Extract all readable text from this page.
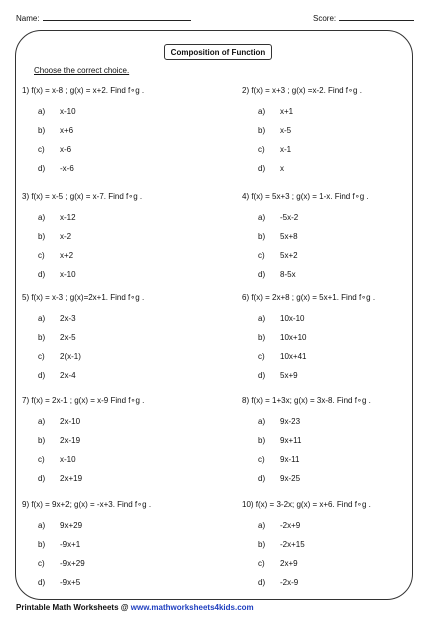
Name:	Score:
Composition of Function
Choose the correct choice.
1) f(x) = x-8 ; g(x) = x+2. Find f∘g .
a) x-10
b) x+6
c) x-6
d) -x-6
2) f(x) = x+3 ; g(x) =x-2. Find f∘g .
a) x+1
b) x-5
c) x-1
d) x
3) f(x) = x-5 ; g(x) = x-7. Find f∘g .
a) x-12
b) x-2
c) x+2
d) x-10
4) f(x) = 5x+3 ; g(x) = 1-x. Find f∘g .
a) -5x-2
b) 5x+8
c) 5x+2
d) 8-5x
5) f(x) = x-3 ; g(x)=2x+1. Find f∘g .
a) 2x-3
b) 2x-5
c) 2(x-1)
d) 2x-4
6) f(x) = 2x+8 ; g(x) = 5x+1. Find f∘g .
a) 10x-10
b) 10x+10
c) 10x+41
d) 5x+9
7) f(x) = 2x-1 ; g(x) = x-9 Find f∘g .
a) 2x-10
b) 2x-19
c) x-10
d) 2x+19
8) f(x) = 1+3x; g(x) = 3x-8. Find f∘g .
a) 9x-23
b) 9x+11
c) 9x-11
d) 9x-25
9) f(x) = 9x+2; g(x) = -x+3. Find f∘g .
a) 9x+29
b) -9x+1
c) -9x+29
d) -9x+5
10) f(x) = 3-2x; g(x) = x+6. Find f∘g .
a) -2x+9
b) -2x+15
c) 2x+9
d) -2x-9
Printable Math Worksheets @ www.mathworksheets4kids.com
